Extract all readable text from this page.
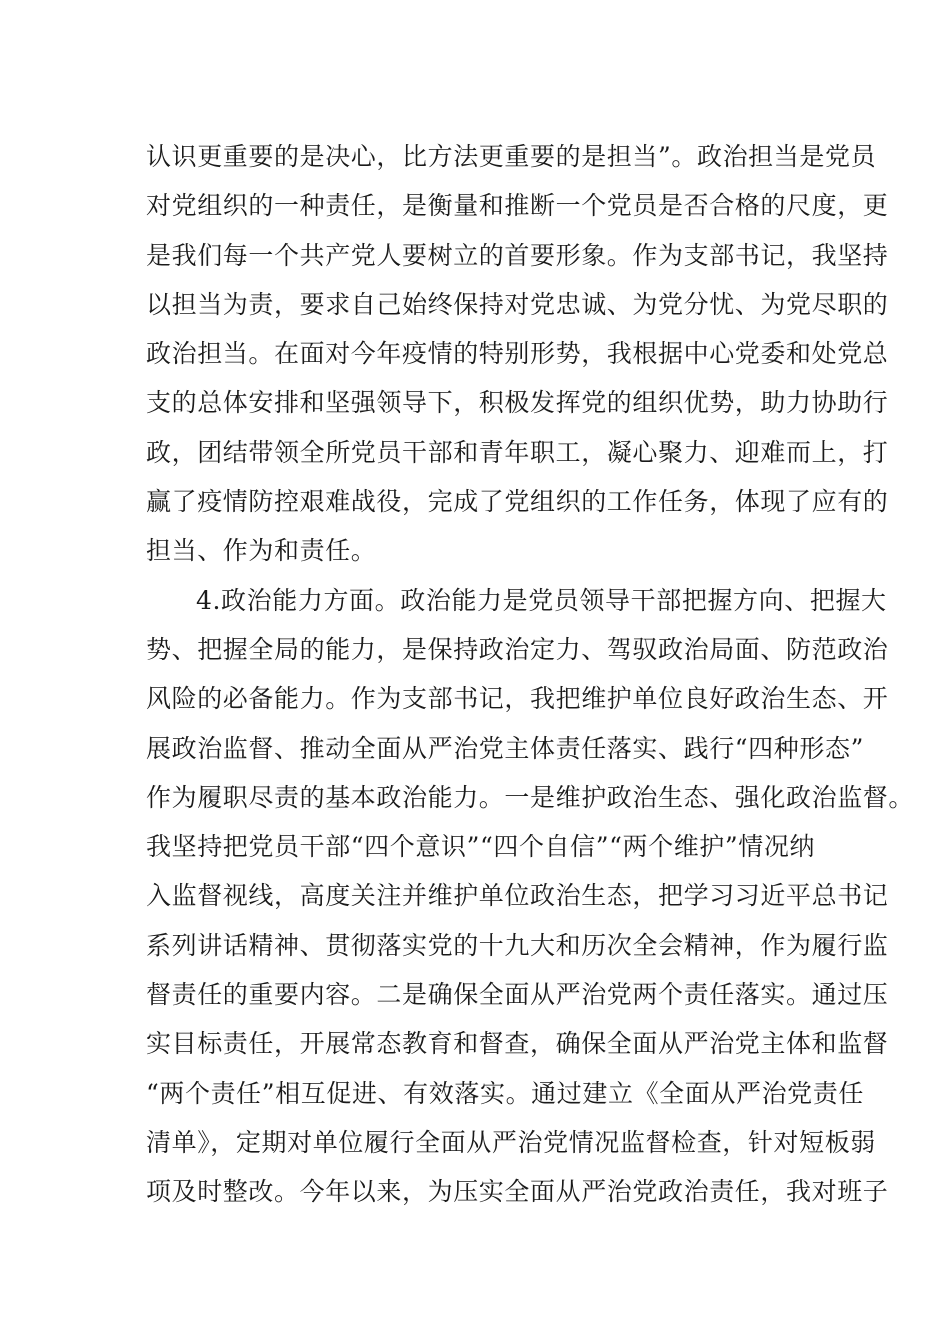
认识更重要的是决心，比方法更重要的是担当”。政治担当是党员
对党组织的一种责任，是衡量和推断一个党员是否合格的尺度，更
是我们每一个共产党人要树立的首要形象。作为支部书记，我坚持
以担当为责，要求自己始终保持对党忠诚、为党分忧、为党尽职的
政治担当。在面对今年疫情的特别形势，我根据中心党委和处党总
支的总体安排和坚强领导下，积极发挥党的组织优势，助力协助行
政，团结带领全所党员干部和青年职工，凝心聚力、迎难而上，打
赢了疫情防控艰难战役，完成了党组织的工作任务，体现了应有的
担当、作为和责任。
4.政治能力方面。政治能力是党员领导干部把握方向、把握大
势、把握全局的能力，是保持政治定力、驾驭政治局面、防范政治
风险的必备能力。作为支部书记，我把维护单位良好政治生态、开
展政治监督、推动全面从严治党主体责任落实、践行“四种形态”
作为履职尽责的基本政治能力。一是维护政治生态、强化政治监督。
我坚持把党员干部“四个意识”“四个自信”“两个维护”情况纳
入监督视线，高度关注并维护单位政治生态，把学习习近平总书记
系列讲话精神、贯彻落实党的十九大和历次全会精神，作为履行监
督责任的重要内容。二是确保全面从严治党两个责任落实。通过压
实目标责任，开展常态教育和督查，确保全面从严治党主体和监督
“两个责任”相互促进、有效落实。通过建立《全面从严治党责任
清单》，定期对单位履行全面从严治党情况监督检查，针对短板弱
项及时整改。今年以来，为压实全面从严治党政治责任，我对班子
